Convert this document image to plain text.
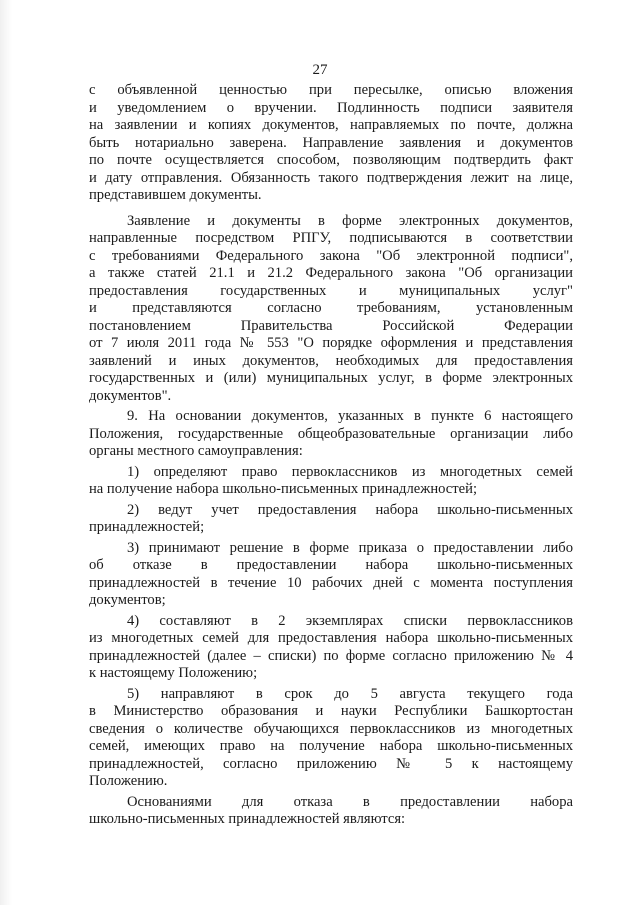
27
с объявленной ценностью при пересылке, описью вложения
и уведомлением о вручении. Подлинность подписи заявителя
на заявлении и копиях документов, направляемых по почте, должна
быть нотариально заверена. Направление заявления и документов
по почте осуществляется способом, позволяющим подтвердить факт
и дату отправления. Обязанность такого подтверждения лежит на лице,
представившем документы.
Заявление и документы в форме электронных документов,
направленные посредством РПГУ, подписываются в соответствии
с требованиями Федерального закона "Об электронной подписи",
а также статей 21.1 и 21.2 Федерального закона "Об организации
предоставления государственных и муниципальных услуг"
и представляются согласно требованиям, установленным
постановлением Правительства Российской Федерации
от 7 июля 2011 года № 553 "О порядке оформления и представления
заявлений и иных документов, необходимых для предоставления
государственных и (или) муниципальных услуг, в форме электронных
документов".
9. На основании документов, указанных в пункте 6 настоящего
Положения, государственные общеобразовательные организации либо
органы местного самоуправления:
1) определяют право первоклассников из многодетных семей
на получение набора школьно-письменных принадлежностей;
2) ведут учет предоставления набора школьно-письменных
принадлежностей;
3) принимают решение в форме приказа о предоставлении либо
об отказе в предоставлении набора школьно-письменных
принадлежностей в течение 10 рабочих дней с момента поступления
документов;
4) составляют в 2 экземплярах списки первоклассников
из многодетных семей для предоставления набора школьно-письменных
принадлежностей (далее – списки) по форме согласно приложению № 4
к настоящему Положению;
5) направляют в срок до 5 августа текущего года
в Министерство образования и науки Республики Башкортостан
сведения о количестве обучающихся первоклассников из многодетных
семей, имеющих право на получение набора школьно-письменных
принадлежностей, согласно приложению № 5 к настоящему
Положению.
Основаниями для отказа в предоставлении набора
школьно-письменных принадлежностей являются:
